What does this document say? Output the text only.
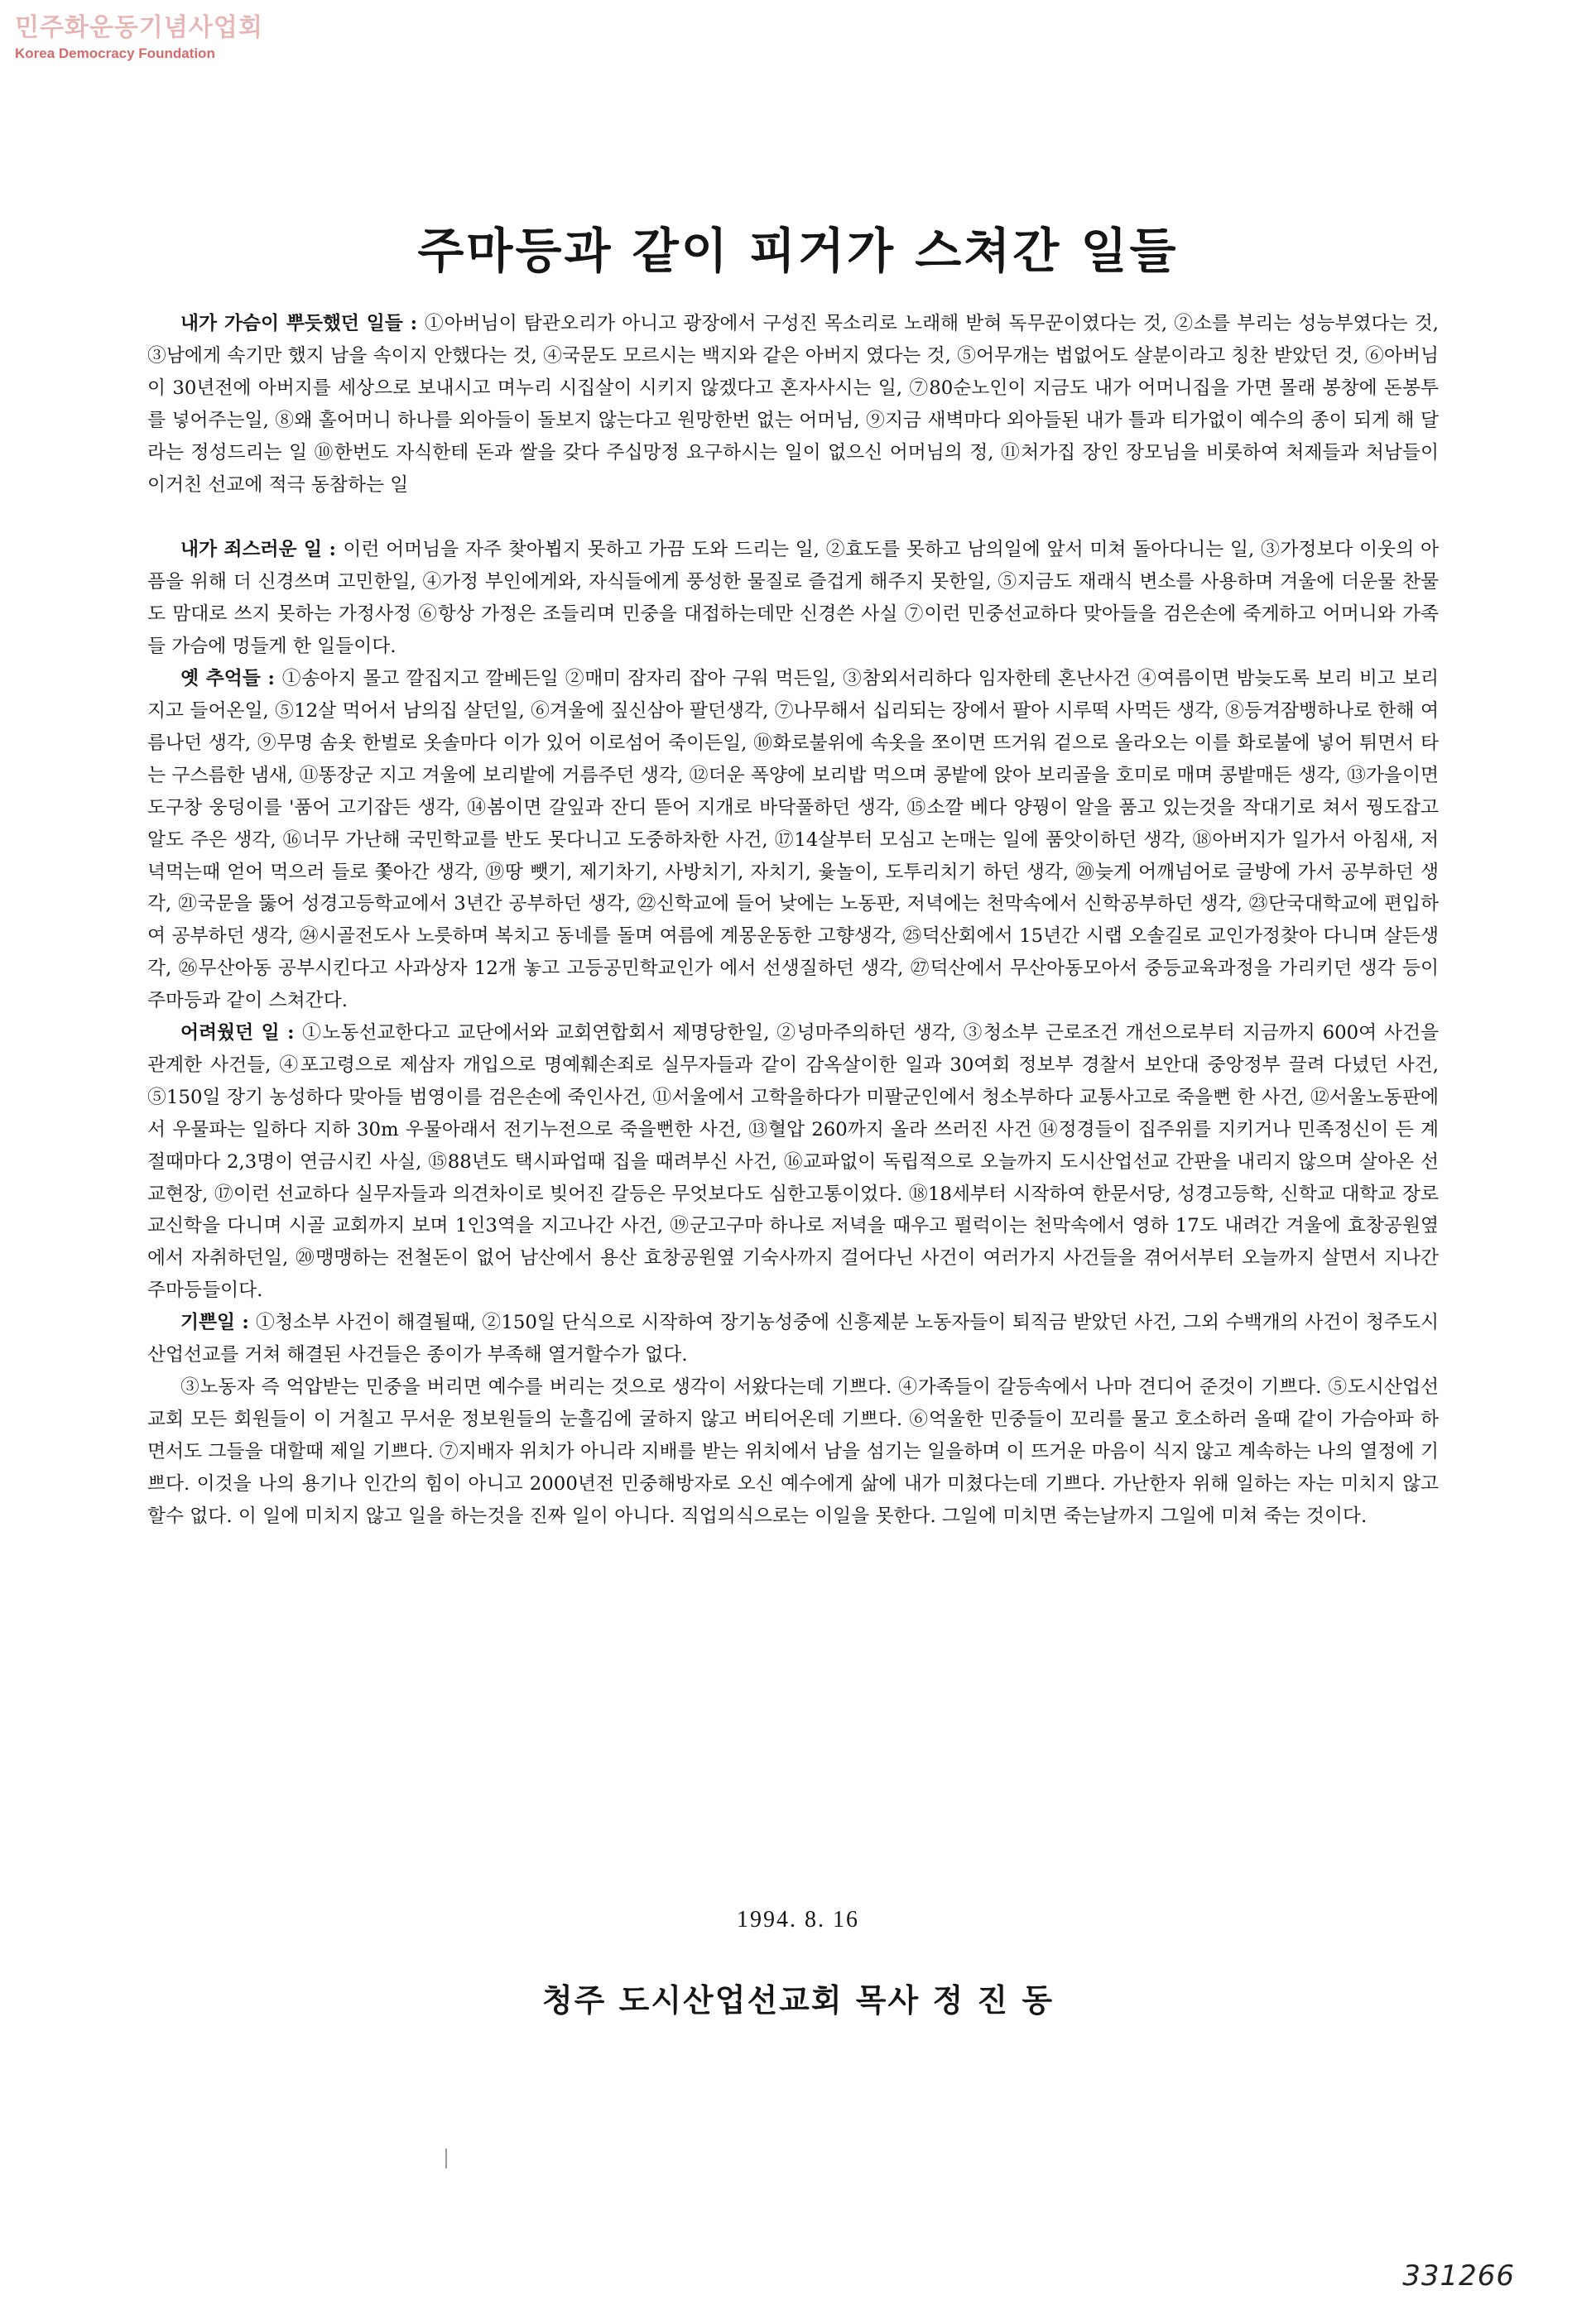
민주화운동기념사업회
Korea Democracy Foundation
주마등과 같이 피거가 스쳐간 일들

내가 가슴이 뿌듯했던 일들 : ①아버님이 탐관오리가 아니고 광장에서 구성진 목소리로 노래해 받혀 독무꾼이였다는 것, ②소를 부리는 성능부였다는 것, ③남에게 속기만 했지 남을 속이지 안했다는 것, ④국문도 모르시는 백지와 같은 아버지 였다는 것, ⑤어무개는 법없어도 살분이라고 칭찬 받았던 것, ⑥아버님이 30년전에 아버지를 세상으로 보내시고 며누리 시집살이 시키지 않겠다고 혼자사시는 일, ⑦80순노인이 지금도 내가 어머니집을 가면 몰래 봉창에 돈봉투를 넣어주는일, ⑧왜 홀어머니 하나를 외아들이 돌보지 않는다고 원망한번 없는 어머님, ⑨지금 새벽마다 외아들된 내가 틀과 티가없이 예수의 종이 되게 해 달라는 정성드리는 일 ⑩한번도 자식한테 돈과 쌀을 갖다 주십망정 요구하시는 일이 없으신 어머님의 정, ⑪처가집 장인 장모님을 비롯하여 처제들과 처남들이 이거친 선교에 적극 동참하는 일

내가 죄스러운 일 : 이런 어머님을 자주 찾아뵙지 못하고 가끔 도와 드리는 일, ②효도를 못하고 남의일에 앞서 미쳐 돌아다니는 일, ③가정보다 이웃의 아픔을 위해 더 신경쓰며 고민한일, ④가정 부인에게와, 자식들에게 풍성한 물질로 즐겁게 해주지 못한일, ⑤지금도 재래식 변소를 사용하며 겨울에 더운물 찬물도 맘대로 쓰지 못하는 가정사정 ⑥항상 가정은 조들리며 민중을 대접하는데만 신경쓴 사실 ⑦이런 민중선교하다 맞아들을 검은손에 죽게하고 어머니와 가족들 가슴에 멍들게 한 일들이다.

옛 추억들 : ①송아지 몰고 깔집지고 깔베든일 ②매미 잠자리 잡아 구워 먹든일, ③참외서리하다 임자한테 혼난사건 ④여름이면 밤늦도록 보리 비고 보리지고 들어온일, ⑤12살 먹어서 남의집 살던일, ⑥겨울에 짚신삼아 팔던생각, ⑦나무해서 십리되는 장에서 팔아 시루떡 사먹든 생각, ⑧등겨잠뱅하나로 한해 여름나던 생각, ⑨무명 솜옷 한벌로 옷솔마다 이가 있어 이로섬어 죽이든일, ⑩화로불위에 속옷을 쪼이면 뜨거워 겉으로 올라오는 이를 화로불에 넣어 튀면서 타는 구스름한 냄새, ⑪똥장군 지고 겨울에 보리밭에 거름주던 생각, ⑫더운 폭양에 보리밥 먹으며 콩밭에 앉아 보리골을 호미로 매며 콩밭매든 생각, ⑬가을이면 도구창 웅덩이를 '품어 고기잡든 생각, ⑭봄이면 갈잎과 잔디 뜯어 지개로 바닥풀하던 생각, ⑮소깔 베다 양꿩이 알을 품고 있는것을 작대기로 쳐서 꿩도잡고 알도 주은 생각, ⑯너무 가난해 국민학교를 반도 못다니고 도중하차한 사건, ⑰14살부터 모심고 논매는 일에 품앗이하던 생각, ⑱아버지가 일가서 아침새, 저녁먹는때 얻어 먹으러 들로 쫓아간 생각, ⑲땅 뺏기, 제기차기, 사방치기, 자치기, 윷놀이, 도투리치기 하던 생각, ⑳늦게 어깨넘어로 글방에 가서 공부하던 생각, ㉑국문을 뚫어 성경고등학교에서 3년간 공부하던 생각, ㉒신학교에 들어 낮에는 노동판, 저녁에는 천막속에서 신학공부하던 생각, ㉓단국대학교에 편입하여 공부하던 생각, ㉔시골전도사 노릇하며 복치고 동네를 돌며 여름에 계몽운동한 고향생각, ㉕덕산회에서 15년간 시랩 오솔길로 교인가정찾아 다니며 살든생각, ㉖무산아동 공부시킨다고 사과상자 12개 놓고 고등공민학교인가 에서 선생질하던 생각, ㉗덕산에서 무산아동모아서 중등교육과정을 가리키던 생각 등이 주마등과 같이 스쳐간다.

어려웠던 일 : ①노동선교한다고 교단에서와 교회연합회서 제명당한일, ②넝마주의하던 생각, ③청소부 근로조건 개선으로부터 지금까지 600여 사건을 관계한 사건들, ④포고령으로 제삼자 개입으로 명예훼손죄로 실무자들과 같이 감옥살이한 일과 30여회 정보부 경찰서 보안대 중앙정부 끌려 다녔던 사건, ⑤150일 장기 농성하다 맞아들 범영이를 검은손에 죽인사건, ⑪서울에서 고학을하다가 미팔군인에서 청소부하다 교통사고로 죽을뻔 한 사건, ⑫서울노동판에서 우물파는 일하다 지하 30m 우물아래서 전기누전으로 죽을뻔한 사건, ⑬혈압 260까지 올라 쓰러진 사건 ⑭정경들이 집주위를 지키거나 민족정신이 든 계절때마다 2,3명이 연금시킨 사실, ⑮88년도 택시파업때 집을 때려부신 사건, ⑯교파없이 독립적으로 오늘까지 도시산업선교 간판을 내리지 않으며 살아온 선교현장, ⑰이런 선교하다 실무자들과 의견차이로 빚어진 갈등은 무엇보다도 심한고통이었다. ⑱18세부터 시작하여 한문서당, 성경고등학, 신학교 대학교 장로교신학을 다니며 시골 교회까지 보며 1인3역을 지고나간 사건, ⑲군고구마 하나로 저녁을 때우고 펄럭이는 천막속에서 영하 17도 내려간 겨울에 효창공원옆에서 자취하던일, ⑳맹맹하는 전철돈이 없어 남산에서 용산 효창공원옆 기숙사까지 걸어다닌 사건이 여러가지 사건들을 겪어서부터 오늘까지 살면서 지나간 주마등들이다.

기쁜일 : ①청소부 사건이 해결될때, ②150일 단식으로 시작하여 장기농성중에 신흥제분 노동자들이 퇴직금 받았던 사건, 그외 수백개의 사건이 청주도시 산업선교를 거쳐 해결된 사건들은 종이가 부족해 열거할수가 없다.

③노동자 즉 억압받는 민중을 버리면 예수를 버리는 것으로 생각이 서왔다는데 기쁘다. ④가족들이 갈등속에서 나마 견디어 준것이 기쁘다. ⑤도시산업선교회 모든 회원들이 이 거칠고 무서운 정보원들의 눈흘김에 굴하지 않고 버티어온데 기쁘다. ⑥억울한 민중들이 꼬리를 물고 호소하러 올때 같이 가슴아파 하면서도 그들을 대할때 제일 기쁘다. ⑦지배자 위치가 아니라 지배를 받는 위치에서 남을 섬기는 일을하며 이 뜨거운 마음이 식지 않고 계속하는 나의 열정에 기쁘다. 이것을 나의 용기나 인간의 힘이 아니고 2000년전 민중해방자로 오신 예수에게 삶에 내가 미쳤다는데 기쁘다. 가난한자 위해 일하는 자는 미치지 않고 할수 없다. 이 일에 미치지 않고 일을 하는것을 진짜 일이 아니다. 직업의식으로는 이일을 못한다. 그일에 미치면 죽는날까지 그일에 미쳐 죽는 것이다.

1994. 8. 16
청주 도시산업선교회 목사 정 진 동
331266
